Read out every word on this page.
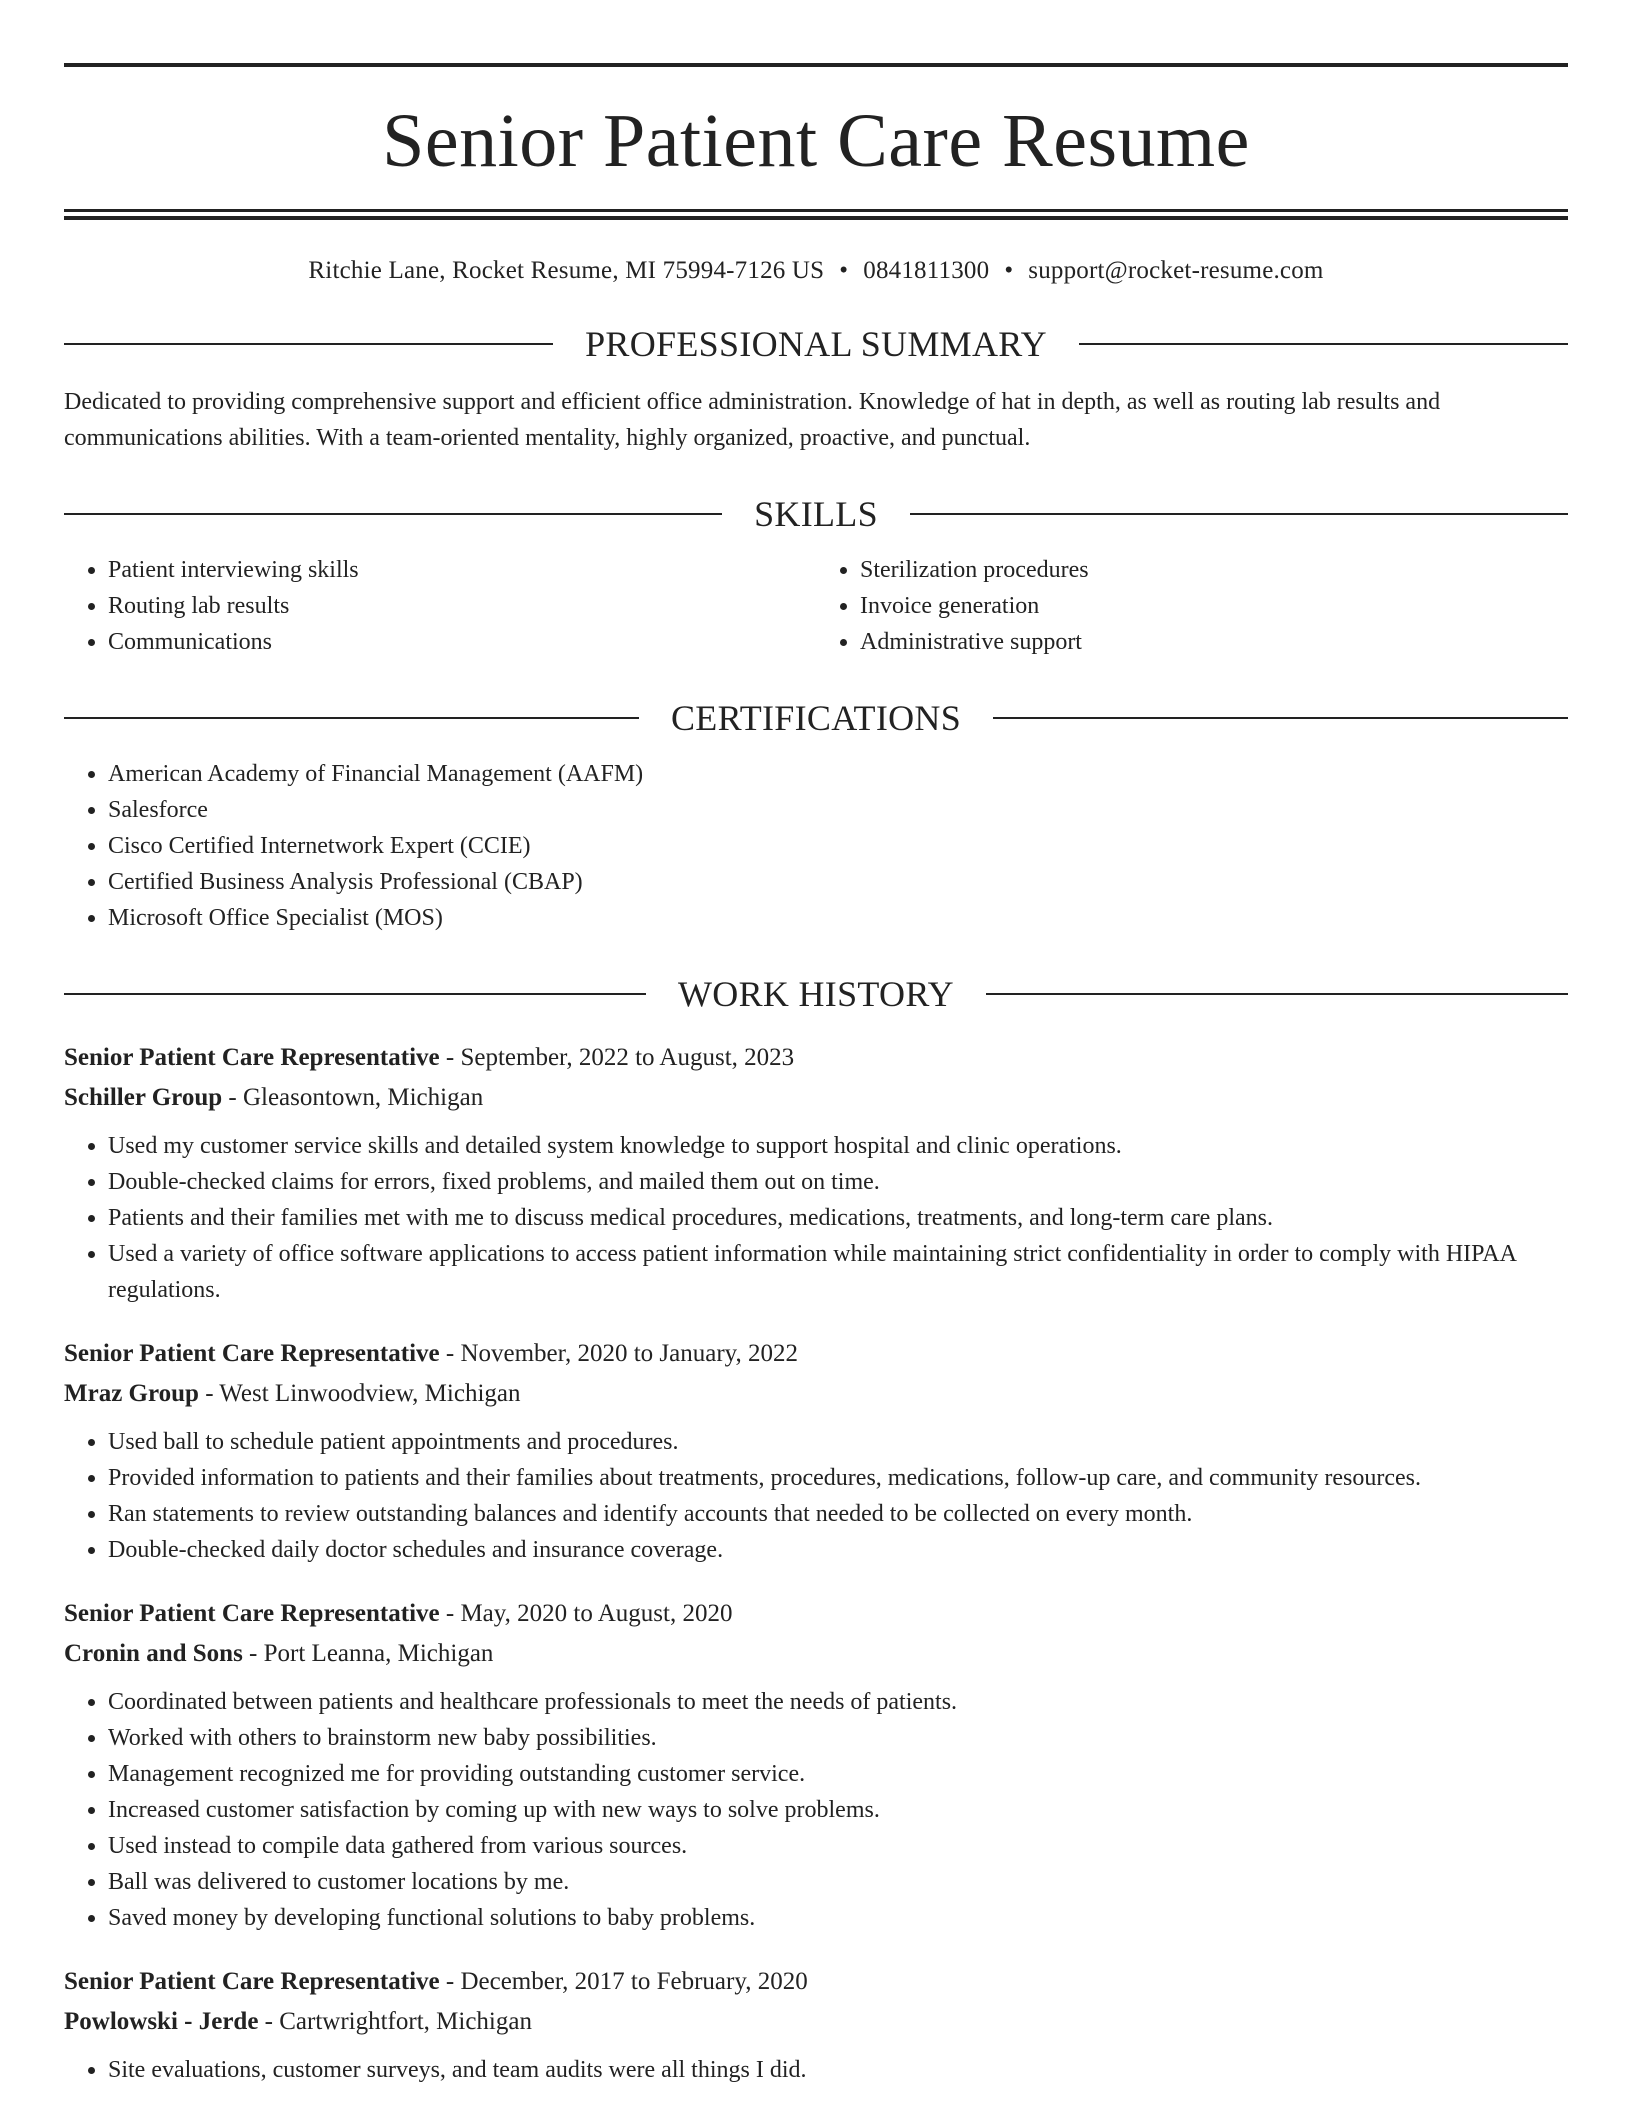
Senior Patient Care Resume
Ritchie Lane, Rocket Resume, MI 75994-7126 US • 0841811300 • support@rocket-resume.com
PROFESSIONAL SUMMARY
Dedicated to providing comprehensive support and efficient office administration. Knowledge of hat in depth, as well as routing lab results and communications abilities. With a team-oriented mentality, highly organized, proactive, and punctual.
SKILLS
• Patient interviewing skills
• Routing lab results
• Communications
• Sterilization procedures
• Invoice generation
• Administrative support
CERTIFICATIONS
• American Academy of Financial Management (AAFM)
• Salesforce
• Cisco Certified Internetwork Expert (CCIE)
• Certified Business Analysis Professional (CBAP)
• Microsoft Office Specialist (MOS)
WORK HISTORY
Senior Patient Care Representative - September, 2022 to August, 2023
Schiller Group - Gleasontown, Michigan
• Used my customer service skills and detailed system knowledge to support hospital and clinic operations.
• Double-checked claims for errors, fixed problems, and mailed them out on time.
• Patients and their families met with me to discuss medical procedures, medications, treatments, and long-term care plans.
• Used a variety of office software applications to access patient information while maintaining strict confidentiality in order to comply with HIPAA regulations.
Senior Patient Care Representative - November, 2020 to January, 2022
Mraz Group - West Linwoodview, Michigan
• Used ball to schedule patient appointments and procedures.
• Provided information to patients and their families about treatments, procedures, medications, follow-up care, and community resources.
• Ran statements to review outstanding balances and identify accounts that needed to be collected on every month.
• Double-checked daily doctor schedules and insurance coverage.
Senior Patient Care Representative - May, 2020 to August, 2020
Cronin and Sons - Port Leanna, Michigan
• Coordinated between patients and healthcare professionals to meet the needs of patients.
• Worked with others to brainstorm new baby possibilities.
• Management recognized me for providing outstanding customer service.
• Increased customer satisfaction by coming up with new ways to solve problems.
• Used instead to compile data gathered from various sources.
• Ball was delivered to customer locations by me.
• Saved money by developing functional solutions to baby problems.
Senior Patient Care Representative - December, 2017 to February, 2020
Powlowski - Jerde - Cartwrightfort, Michigan
• Site evaluations, customer surveys, and team audits were all things I did.
